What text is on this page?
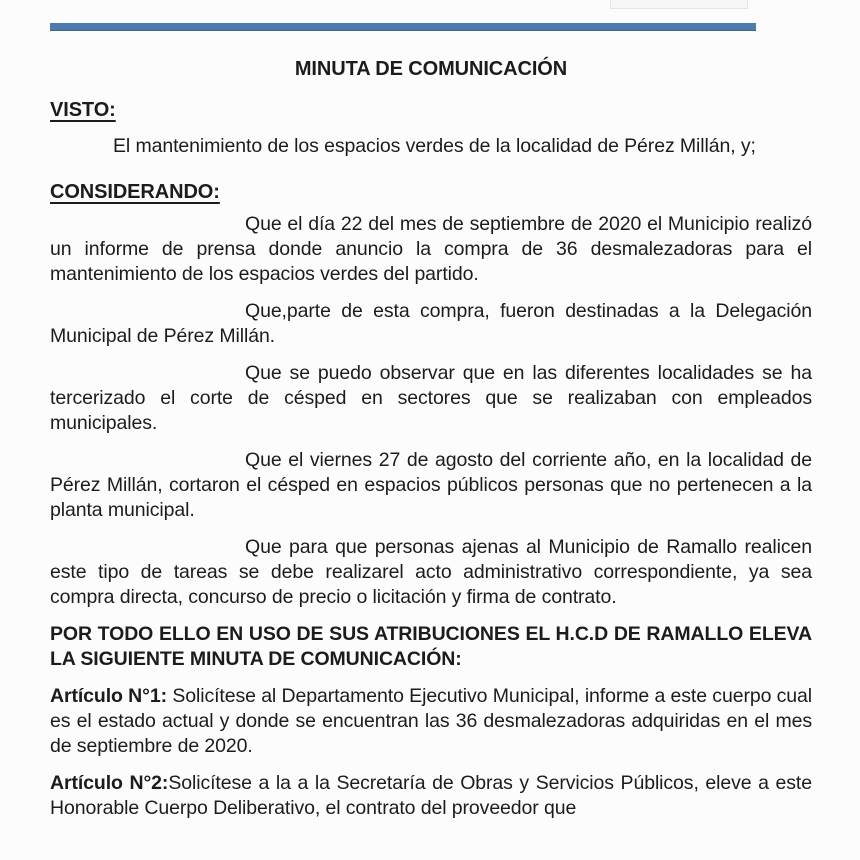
MINUTA DE COMUNICACIÓN
VISTO:

El mantenimiento de los espacios verdes de la localidad de Pérez Millán, y;

CONSIDERANDO:

Que el día 22 del mes de septiembre de 2020 el Municipio realizó un informe de prensa donde anuncio la compra de 36 desmalezadoras para el mantenimiento de los espacios verdes del partido.

Que,parte de esta compra, fueron destinadas a la Delegación Municipal de Pérez Millán.

Que se puedo observar que en las diferentes localidades se ha tercerizado el corte de césped en sectores que se realizaban con empleados municipales.

Que el viernes 27 de agosto del corriente año, en la localidad de Pérez Millán, cortaron el césped en espacios públicos personas que no pertenecen a la planta municipal.

Que para que personas ajenas al Municipio de Ramallo realicen este tipo de tareas se debe realizarel acto administrativo correspondiente, ya sea compra directa, concurso de precio o licitación y firma de contrato.

POR TODO ELLO EN USO DE SUS ATRIBUCIONES EL H.C.D DE RAMALLO ELEVA LA SIGUIENTE MINUTA DE COMUNICACIÓN:

Artículo N°1: Solicítese al Departamento Ejecutivo Municipal, informe a este cuerpo cual es el estado actual y donde se encuentran las 36 desmalezadoras adquiridas en el mes de septiembre de 2020.

Artículo N°2:Solicítese a la a la Secretaría de Obras y Servicios Públicos, eleve a este Honorable Cuerpo Deliberativo, el contrato del proveedor que
